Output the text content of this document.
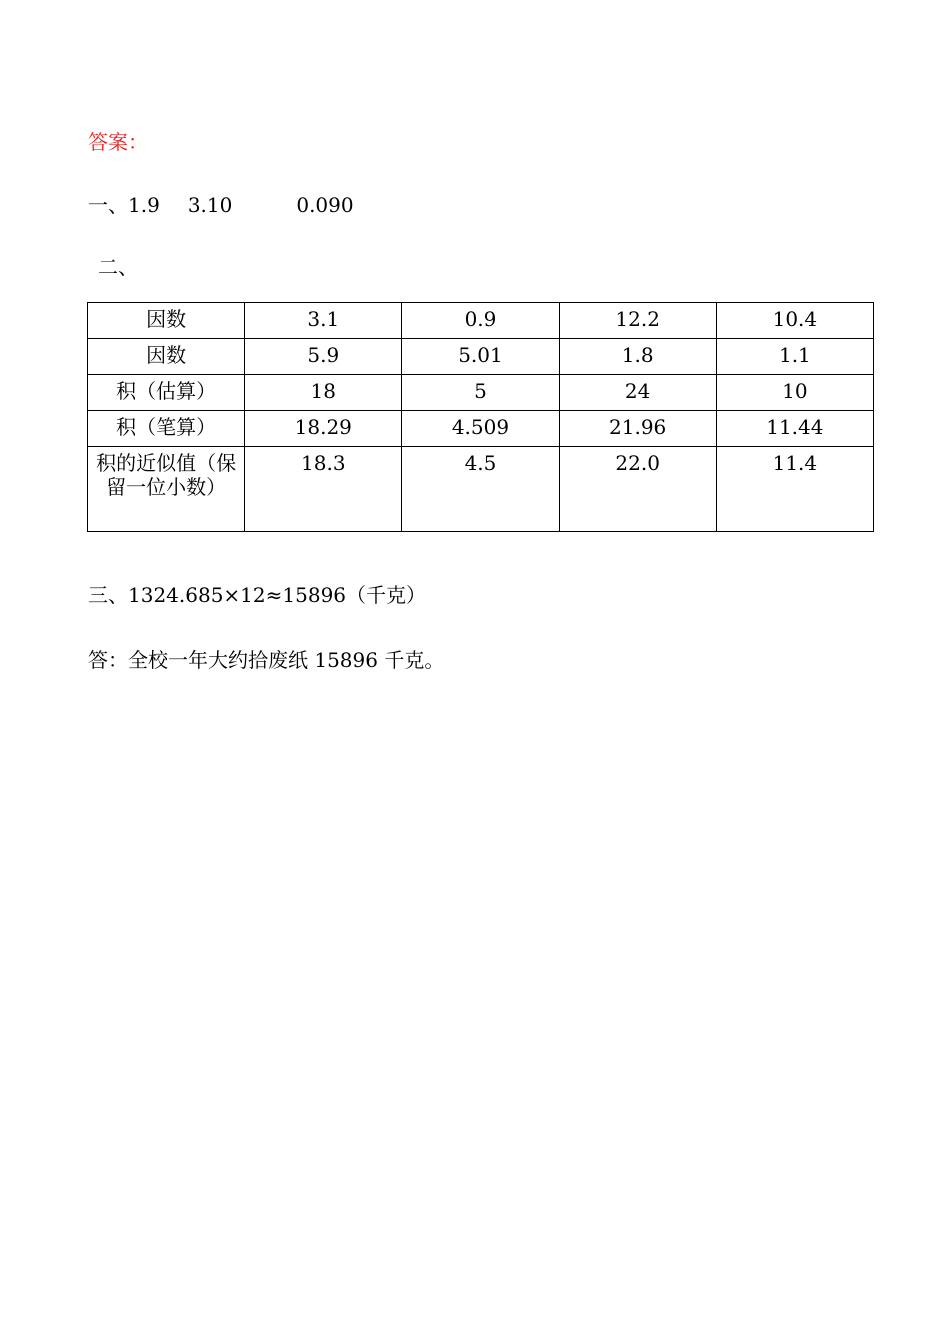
答案：
一、1.9 3.10	0.090
二、
因数	3.1	0.9	12.2	10.4
因数	5.9	5.01	1.8	1.1
积（估算）	18	5	24	10
积（笔算）	18.29	4.509	21.96	11.44
积的近似值（保留一位小数）	18.3	4.5	22.0	11.4
三、1324.685×12≈15896（千克）
答：全校一年大约拾废纸 15896 千克。
